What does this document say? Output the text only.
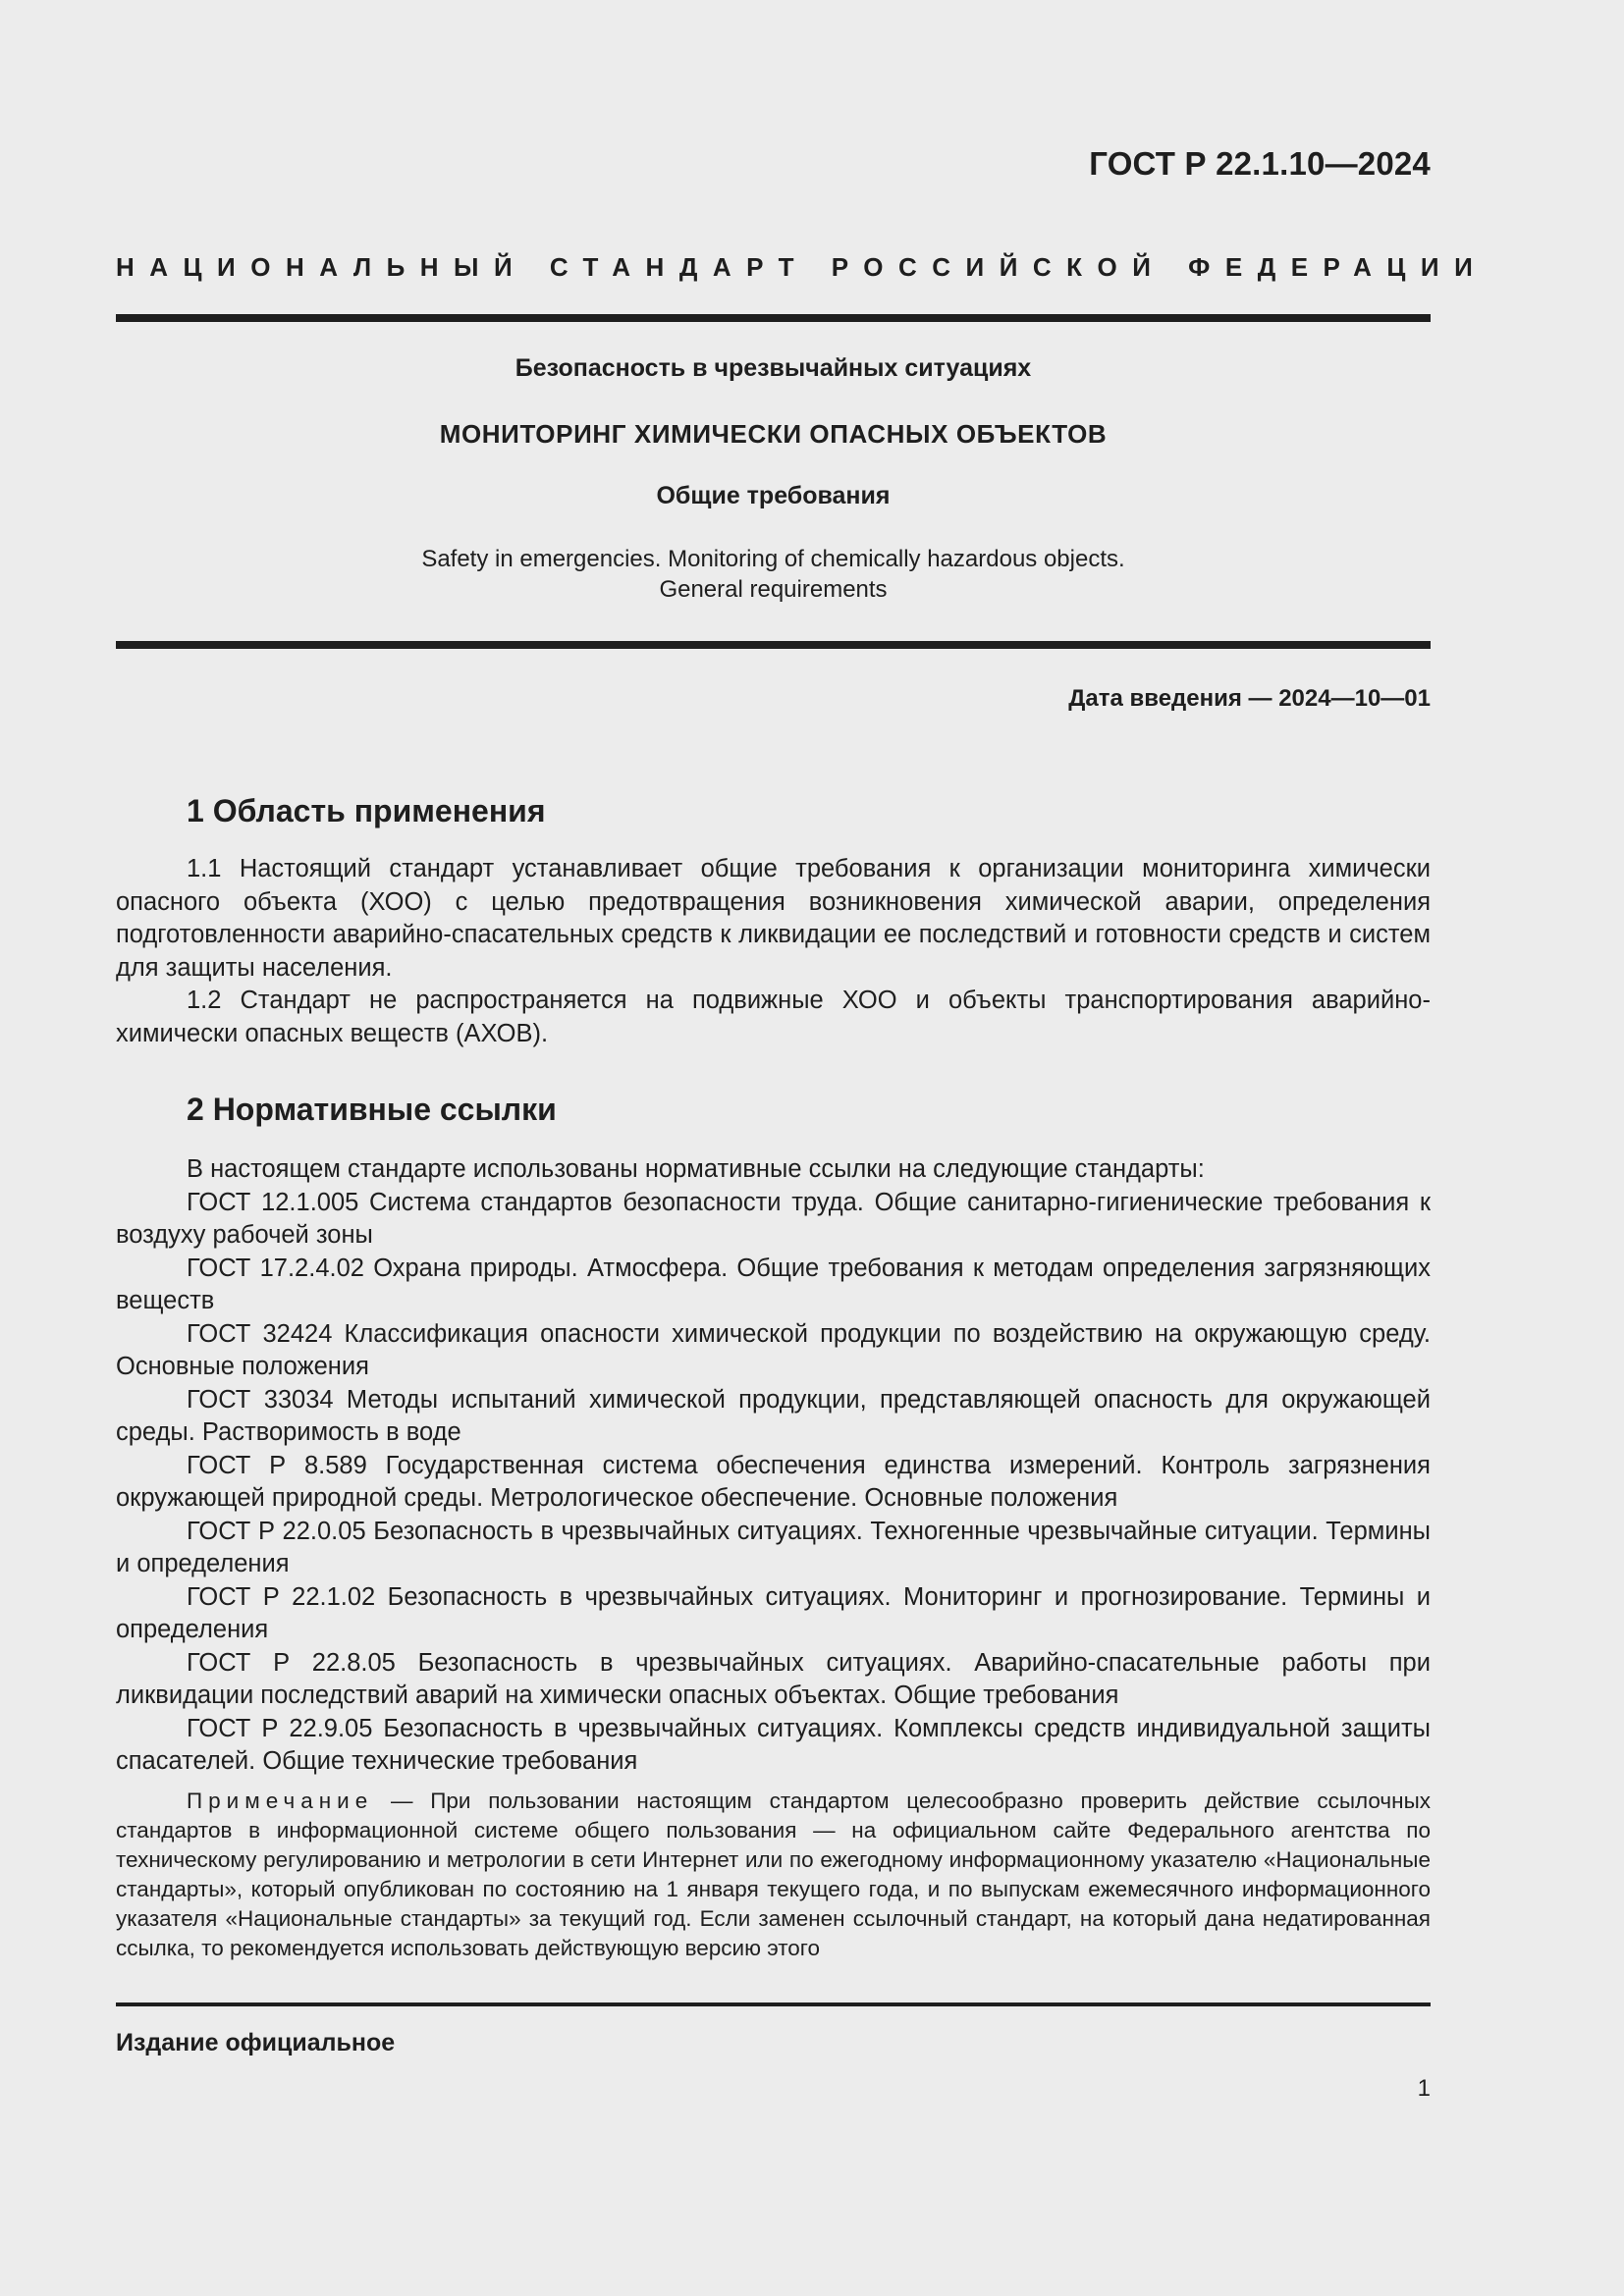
ГОСТ Р 22.1.10—2024
НАЦИОНАЛЬНЫЙ СТАНДАРТ РОССИЙСКОЙ ФЕДЕРАЦИИ
Безопасность в чрезвычайных ситуациях
МОНИТОРИНГ ХИМИЧЕСКИ ОПАСНЫХ ОБЪЕКТОВ
Общие требования
Safety in emergencies. Monitoring of chemically hazardous objects.
General requirements
Дата введения — 2024—10—01
1 Область применения

1.1 Настоящий стандарт устанавливает общие требования к организации мониторинга химически опасного объекта (ХОО) с целью предотвращения возникновения химической аварии, определения подготовленности аварийно-спасательных средств к ликвидации ее последствий и готовности средств и систем для защиты населения.

1.2 Стандарт не распространяется на подвижные ХОО и объекты транспортирования аварийно-химически опасных веществ (АХОВ).

2 Нормативные ссылки

В настоящем стандарте использованы нормативные ссылки на следующие стандарты:

ГОСТ 12.1.005 Система стандартов безопасности труда. Общие санитарно-гигиенические требования к воздуху рабочей зоны

ГОСТ 17.2.4.02 Охрана природы. Атмосфера. Общие требования к методам определения загрязняющих веществ

ГОСТ 32424 Классификация опасности химической продукции по воздействию на окружающую среду. Основные положения

ГОСТ 33034 Методы испытаний химической продукции, представляющей опасность для окружающей среды. Растворимость в воде

ГОСТ Р 8.589 Государственная система обеспечения единства измерений. Контроль загрязнения окружающей природной среды. Метрологическое обеспечение. Основные положения

ГОСТ Р 22.0.05 Безопасность в чрезвычайных ситуациях. Техногенные чрезвычайные ситуации. Термины и определения

ГОСТ Р 22.1.02 Безопасность в чрезвычайных ситуациях. Мониторинг и прогнозирование. Термины и определения

ГОСТ Р 22.8.05 Безопасность в чрезвычайных ситуациях. Аварийно-спасательные работы при ликвидации последствий аварий на химически опасных объектах. Общие требования

ГОСТ Р 22.9.05 Безопасность в чрезвычайных ситуациях. Комплексы средств индивидуальной защиты спасателей. Общие технические требования

Примечание — При пользовании настоящим стандартом целесообразно проверить действие ссылочных стандартов в информационной системе общего пользования — на официальном сайте Федерального агентства по техническому регулированию и метрологии в сети Интернет или по ежегодному информационному указателю «Национальные стандарты», который опубликован по состоянию на 1 января текущего года, и по выпускам ежемесячного информационного указателя «Национальные стандарты» за текущий год. Если заменен ссылочный стандарт, на который дана недатированная ссылка, то рекомендуется использовать действующую версию этого

Издание официальное
1
